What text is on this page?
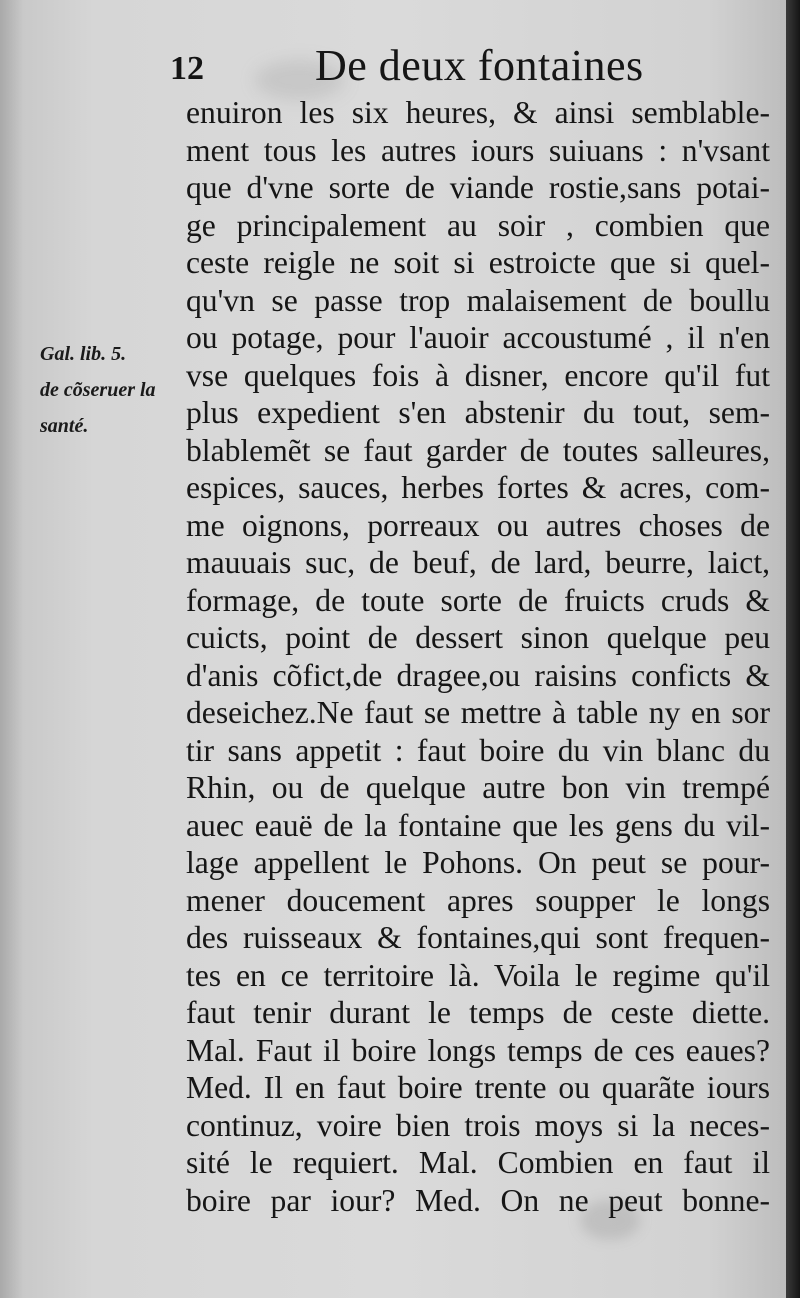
12	De deux fontaines
Gal. lib. 5.
de cõseruer la
santé.
enuiron les six heures, & ainsi semblable-
ment tous les autres iours suiuans : n'vsant
que d'vne sorte de viande rostie,sans potai-
ge principalement au soir , combien que
ceste reigle ne soit si estroicte que si quel-
qu'vn se passe trop malaisement de boullu
ou potage, pour l'auoir accoustumé , il n'en
vse quelques fois à disner, encore qu'il fut
plus expedient s'en abstenir du tout, sem-
blablemẽt se faut garder de toutes salleures,
espices, sauces, herbes fortes & acres, com-
me oignons, porreaux ou autres choses de
mauuais suc, de beuf, de lard, beurre, laict,
formage, de toute sorte de fruicts cruds &
cuicts, point de dessert sinon quelque peu
d'anis cõfict,de dragee,ou raisins conficts &
deseichez.Ne faut se mettre à table ny en sor
tir sans appetit : faut boire du vin blanc du
Rhin, ou de quelque autre bon vin trempé
auec eauë de la fontaine que les gens du vil-
lage appellent le Pohons. On peut se pour-
mener doucement apres soupper le longs
des ruisseaux & fontaines,qui sont frequen-
tes en ce territoire là. Voila le regime qu'il
faut tenir durant le temps de ceste diette.
Mal. Faut il boire longs temps de ces eaues?
Med. Il en faut boire trente ou quarãte iours
continuz, voire bien trois moys si la neces-
sité le requiert. Mal. Combien en faut il
boire par iour? Med. On ne peut bonne-
